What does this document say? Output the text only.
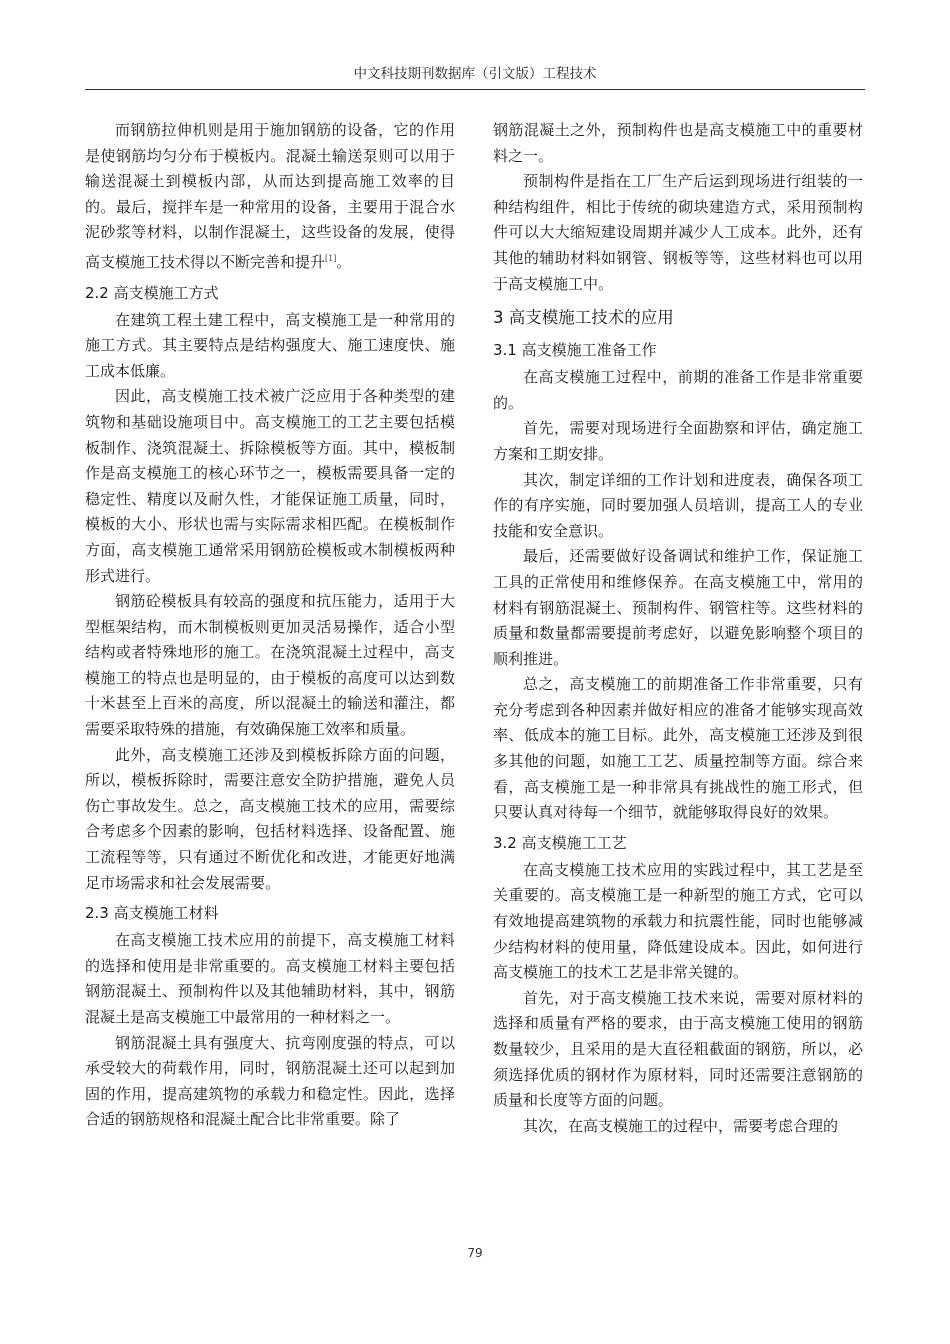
中文科技期刊数据库（引文版）工程技术

而钢筋拉伸机则是用于施加钢筋的设备，它的作用是使钢筋均匀分布于模板内。混凝土输送泵则可以用于输送混凝土到模板内部，从而达到提高施工效率的目的。最后，搅拌车是一种常用的设备，主要用于混合水泥砂浆等材料，以制作混凝土，这些设备的发展，使得高支模施工技术得以不断完善和提升[1]。

2.2 高支模施工方式

在建筑工程土建工程中，高支模施工是一种常用的施工方式。其主要特点是结构强度大、施工速度快、施工成本低廉。

因此，高支模施工技术被广泛应用于各种类型的建筑物和基础设施项目中。高支模施工的工艺主要包括模板制作、浇筑混凝土、拆除模板等方面。其中，模板制作是高支模施工的核心环节之一，模板需要具备一定的稳定性、精度以及耐久性，才能保证施工质量，同时，模板的大小、形状也需与实际需求相匹配。在模板制作方面，高支模施工通常采用钢筋砼模板或木制模板两种形式进行。

钢筋砼模板具有较高的强度和抗压能力，适用于大型框架结构，而木制模板则更加灵活易操作，适合小型结构或者特殊地形的施工。在浇筑混凝土过程中，高支模施工的特点也是明显的，由于模板的高度可以达到数十米甚至上百米的高度，所以混凝土的输送和灌注，都需要采取特殊的措施，有效确保施工效率和质量。

此外，高支模施工还涉及到模板拆除方面的问题，所以，模板拆除时，需要注意安全防护措施，避免人员伤亡事故发生。总之，高支模施工技术的应用，需要综合考虑多个因素的影响，包括材料选择、设备配置、施工流程等等，只有通过不断优化和改进，才能更好地满足市场需求和社会发展需要。

2.3 高支模施工材料

在高支模施工技术应用的前提下，高支模施工材料的选择和使用是非常重要的。高支模施工材料主要包括钢筋混凝土、预制构件以及其他辅助材料，其中，钢筋混凝土是高支模施工中最常用的一种材料之一。

钢筋混凝土具有强度大、抗弯刚度强的特点，可以承受较大的荷载作用，同时，钢筋混凝土还可以起到加固的作用，提高建筑物的承载力和稳定性。因此，选择合适的钢筋规格和混凝土配合比非常重要。除了

钢筋混凝土之外，预制构件也是高支模施工中的重要材料之一。

预制构件是指在工厂生产后运到现场进行组装的一种结构组件，相比于传统的砌块建造方式，采用预制构件可以大大缩短建设周期并减少人工成本。此外，还有其他的辅助材料如钢管、钢板等等，这些材料也可以用于高支模施工中。

3 高支模施工技术的应用
3.1 高支模施工准备工作

在高支模施工过程中，前期的准备工作是非常重要的。

首先，需要对现场进行全面勘察和评估，确定施工方案和工期安排。

其次，制定详细的工作计划和进度表，确保各项工作的有序实施，同时要加强人员培训，提高工人的专业技能和安全意识。

最后，还需要做好设备调试和维护工作，保证施工工具的正常使用和维修保养。在高支模施工中，常用的材料有钢筋混凝土、预制构件、钢管柱等。这些材料的质量和数量都需要提前考虑好，以避免影响整个项目的顺利推进。

总之，高支模施工的前期准备工作非常重要，只有充分考虑到各种因素并做好相应的准备才能够实现高效率、低成本的施工目标。此外，高支模施工还涉及到很多其他的问题，如施工工艺、质量控制等方面。综合来看，高支模施工是一种非常具有挑战性的施工形式，但只要认真对待每一个细节，就能够取得良好的效果。

3.2 高支模施工工艺

在高支模施工技术应用的实践过程中，其工艺是至关重要的。高支模施工是一种新型的施工方式，它可以有效地提高建筑物的承载力和抗震性能，同时也能够减少结构材料的使用量，降低建设成本。因此，如何进行高支模施工的技术工艺是非常关键的。

首先，对于高支模施工技术来说，需要对原材料的选择和质量有严格的要求，由于高支模施工使用的钢筋数量较少，且采用的是大直径粗截面的钢筋，所以，必须选择优质的钢材作为原材料，同时还需要注意钢筋的质量和长度等方面的问题。

其次，在高支模施工的过程中，需要考虑合理的

79
